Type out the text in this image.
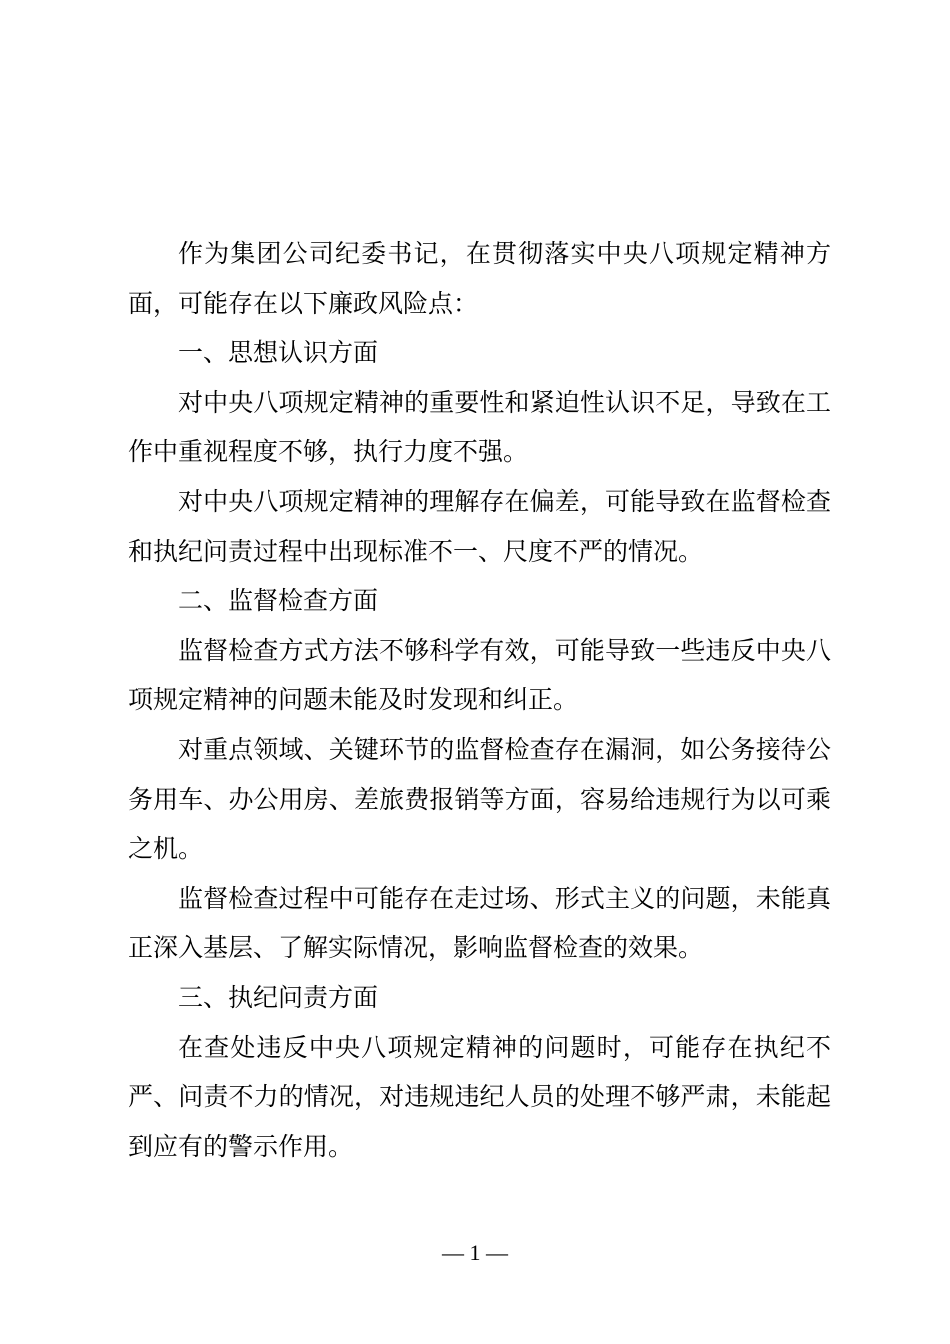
作为集团公司纪委书记，在贯彻落实中央八项规定精神方面，可能存在以下廉政风险点：

一、思想认识方面

对中央八项规定精神的重要性和紧迫性认识不足，导致在工作中重视程度不够，执行力度不强。

对中央八项规定精神的理解存在偏差，可能导致在监督检查和执纪问责过程中出现标准不一、尺度不严的情况。

二、监督检查方面

监督检查方式方法不够科学有效，可能导致一些违反中央八项规定精神的问题未能及时发现和纠正。

对重点领域、关键环节的监督检查存在漏洞，如公务接待公务用车、办公用房、差旅费报销等方面，容易给违规行为以可乘之机。

监督检查过程中可能存在走过场、形式主义的问题，未能真正深入基层、了解实际情况，影响监督检查的效果。

三、执纪问责方面

在查处违反中央八项规定精神的问题时，可能存在执纪不严、问责不力的情况，对违规违纪人员的处理不够严肃，未能起到应有的警示作用。

— 1 —
